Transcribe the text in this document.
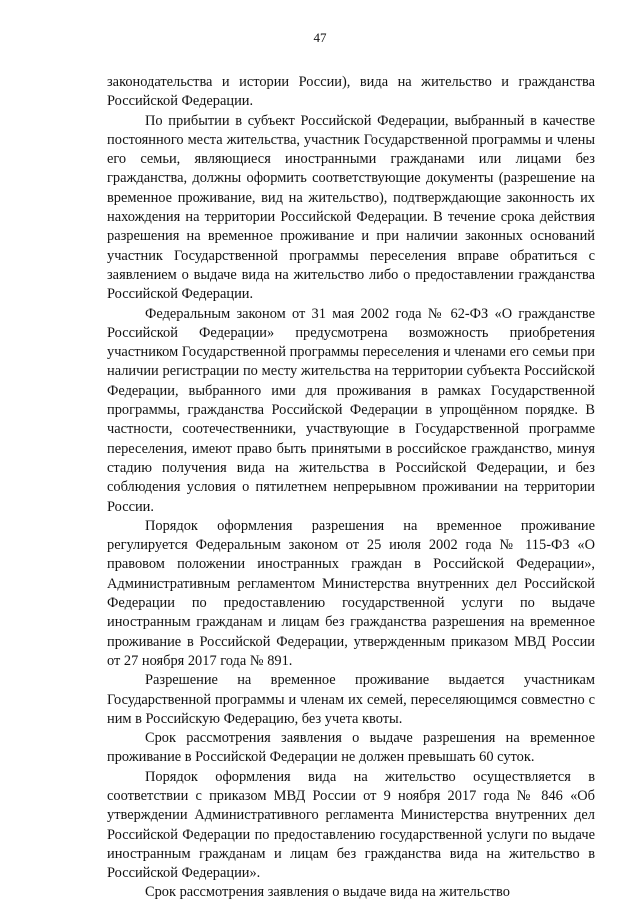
47

законодательства и истории России), вида на жительство и гражданства Российской Федерации.

По прибытии в субъект Российской Федерации, выбранный в качестве постоянного места жительства, участник Государственной программы и члены его семьи, являющиеся иностранными гражданами или лицами без гражданства, должны оформить соответствующие документы (разрешение на временное проживание, вид на жительство), подтверждающие законность их нахождения на территории Российской Федерации. В течение срока действия разрешения на временное проживание и при наличии законных оснований участник Государственной программы переселения вправе обратиться с заявлением о выдаче вида на жительство либо о предоставлении гражданства Российской Федерации.

Федеральным законом от 31 мая 2002 года № 62-ФЗ «О гражданстве Российской Федерации» предусмотрена возможность приобретения участником Государственной программы переселения и членами его семьи при наличии регистрации по месту жительства на территории субъекта Российской Федерации, выбранного ими для проживания в рамках Государственной программы, гражданства Российской Федерации в упрощённом порядке. В частности, соотечественники, участвующие в Государственной программе переселения, имеют право быть принятыми в российское гражданство, минуя стадию получения вида на жительства в Российской Федерации, и без соблюдения условия о пятилетнем непрерывном проживании на территории России.

Порядок оформления разрешения на временное проживание регулируется Федеральным законом от 25 июля 2002 года № 115-ФЗ «О правовом положении иностранных граждан в Российской Федерации», Административным регламентом Министерства внутренних дел Российской Федерации по предоставлению государственной услуги по выдаче иностранным гражданам и лицам без гражданства разрешения на временное проживание в Российской Федерации, утвержденным приказом МВД России от 27 ноября 2017 года № 891.

Разрешение на временное проживание выдается участникам Государственной программы и членам их семей, переселяющимся совместно с ним в Российскую Федерацию, без учета квоты.

Срок рассмотрения заявления о выдаче разрешения на временное проживание в Российской Федерации не должен превышать 60 суток.

Порядок оформления вида на жительство осуществляется в соответствии с приказом МВД России от 9 ноября 2017 года № 846 «Об утверждении Административного регламента Министерства внутренних дел Российской Федерации по предоставлению государственной услуги по выдаче иностранным гражданам и лицам без гражданства вида на жительство в Российской Федерации».

Срок рассмотрения заявления о выдаче вида на жительство
